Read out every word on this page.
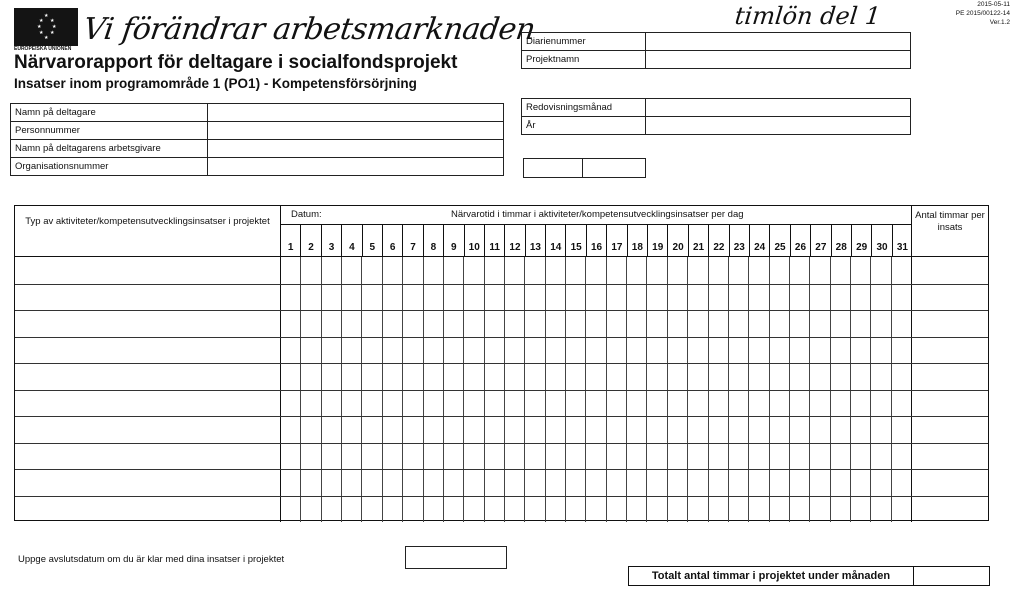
★
★ ★
★ ★
★ ★
★
EUROPEISKA UNIONEN
Vi förändrar arbetsmarknaden
Närvarorapport för deltagare i socialfondsprojekt
Insatser inom programområde 1 (PO1) - Kompetensförsörjning
timlön del 1	2015-05-11
PE 2015/00122-14
Ver.1.2
Diarienummer	
Projektnamn	
Namn på deltagare	
Personnummer	
Namn på deltagarens arbetsgivare	
Organisationsnummer	
Redovisningsmånad	
År	

Typ av aktiviteter/kompetensutvecklingsinsatser i projektet
Datum:	Närvarotid i timmar i aktiviteter/kompetensutvecklingsinsatser per dag
1	2	3	4	5	6	7	8	9	10 11 12 13 14 15 16 17 18 19 20 21 22 23 24 25 26 27 28 29 30 31
Antal timmar per insats
Uppge avslutsdatum om du är klar med dina insatser i projektet
Totalt antal timmar i projektet under månaden
